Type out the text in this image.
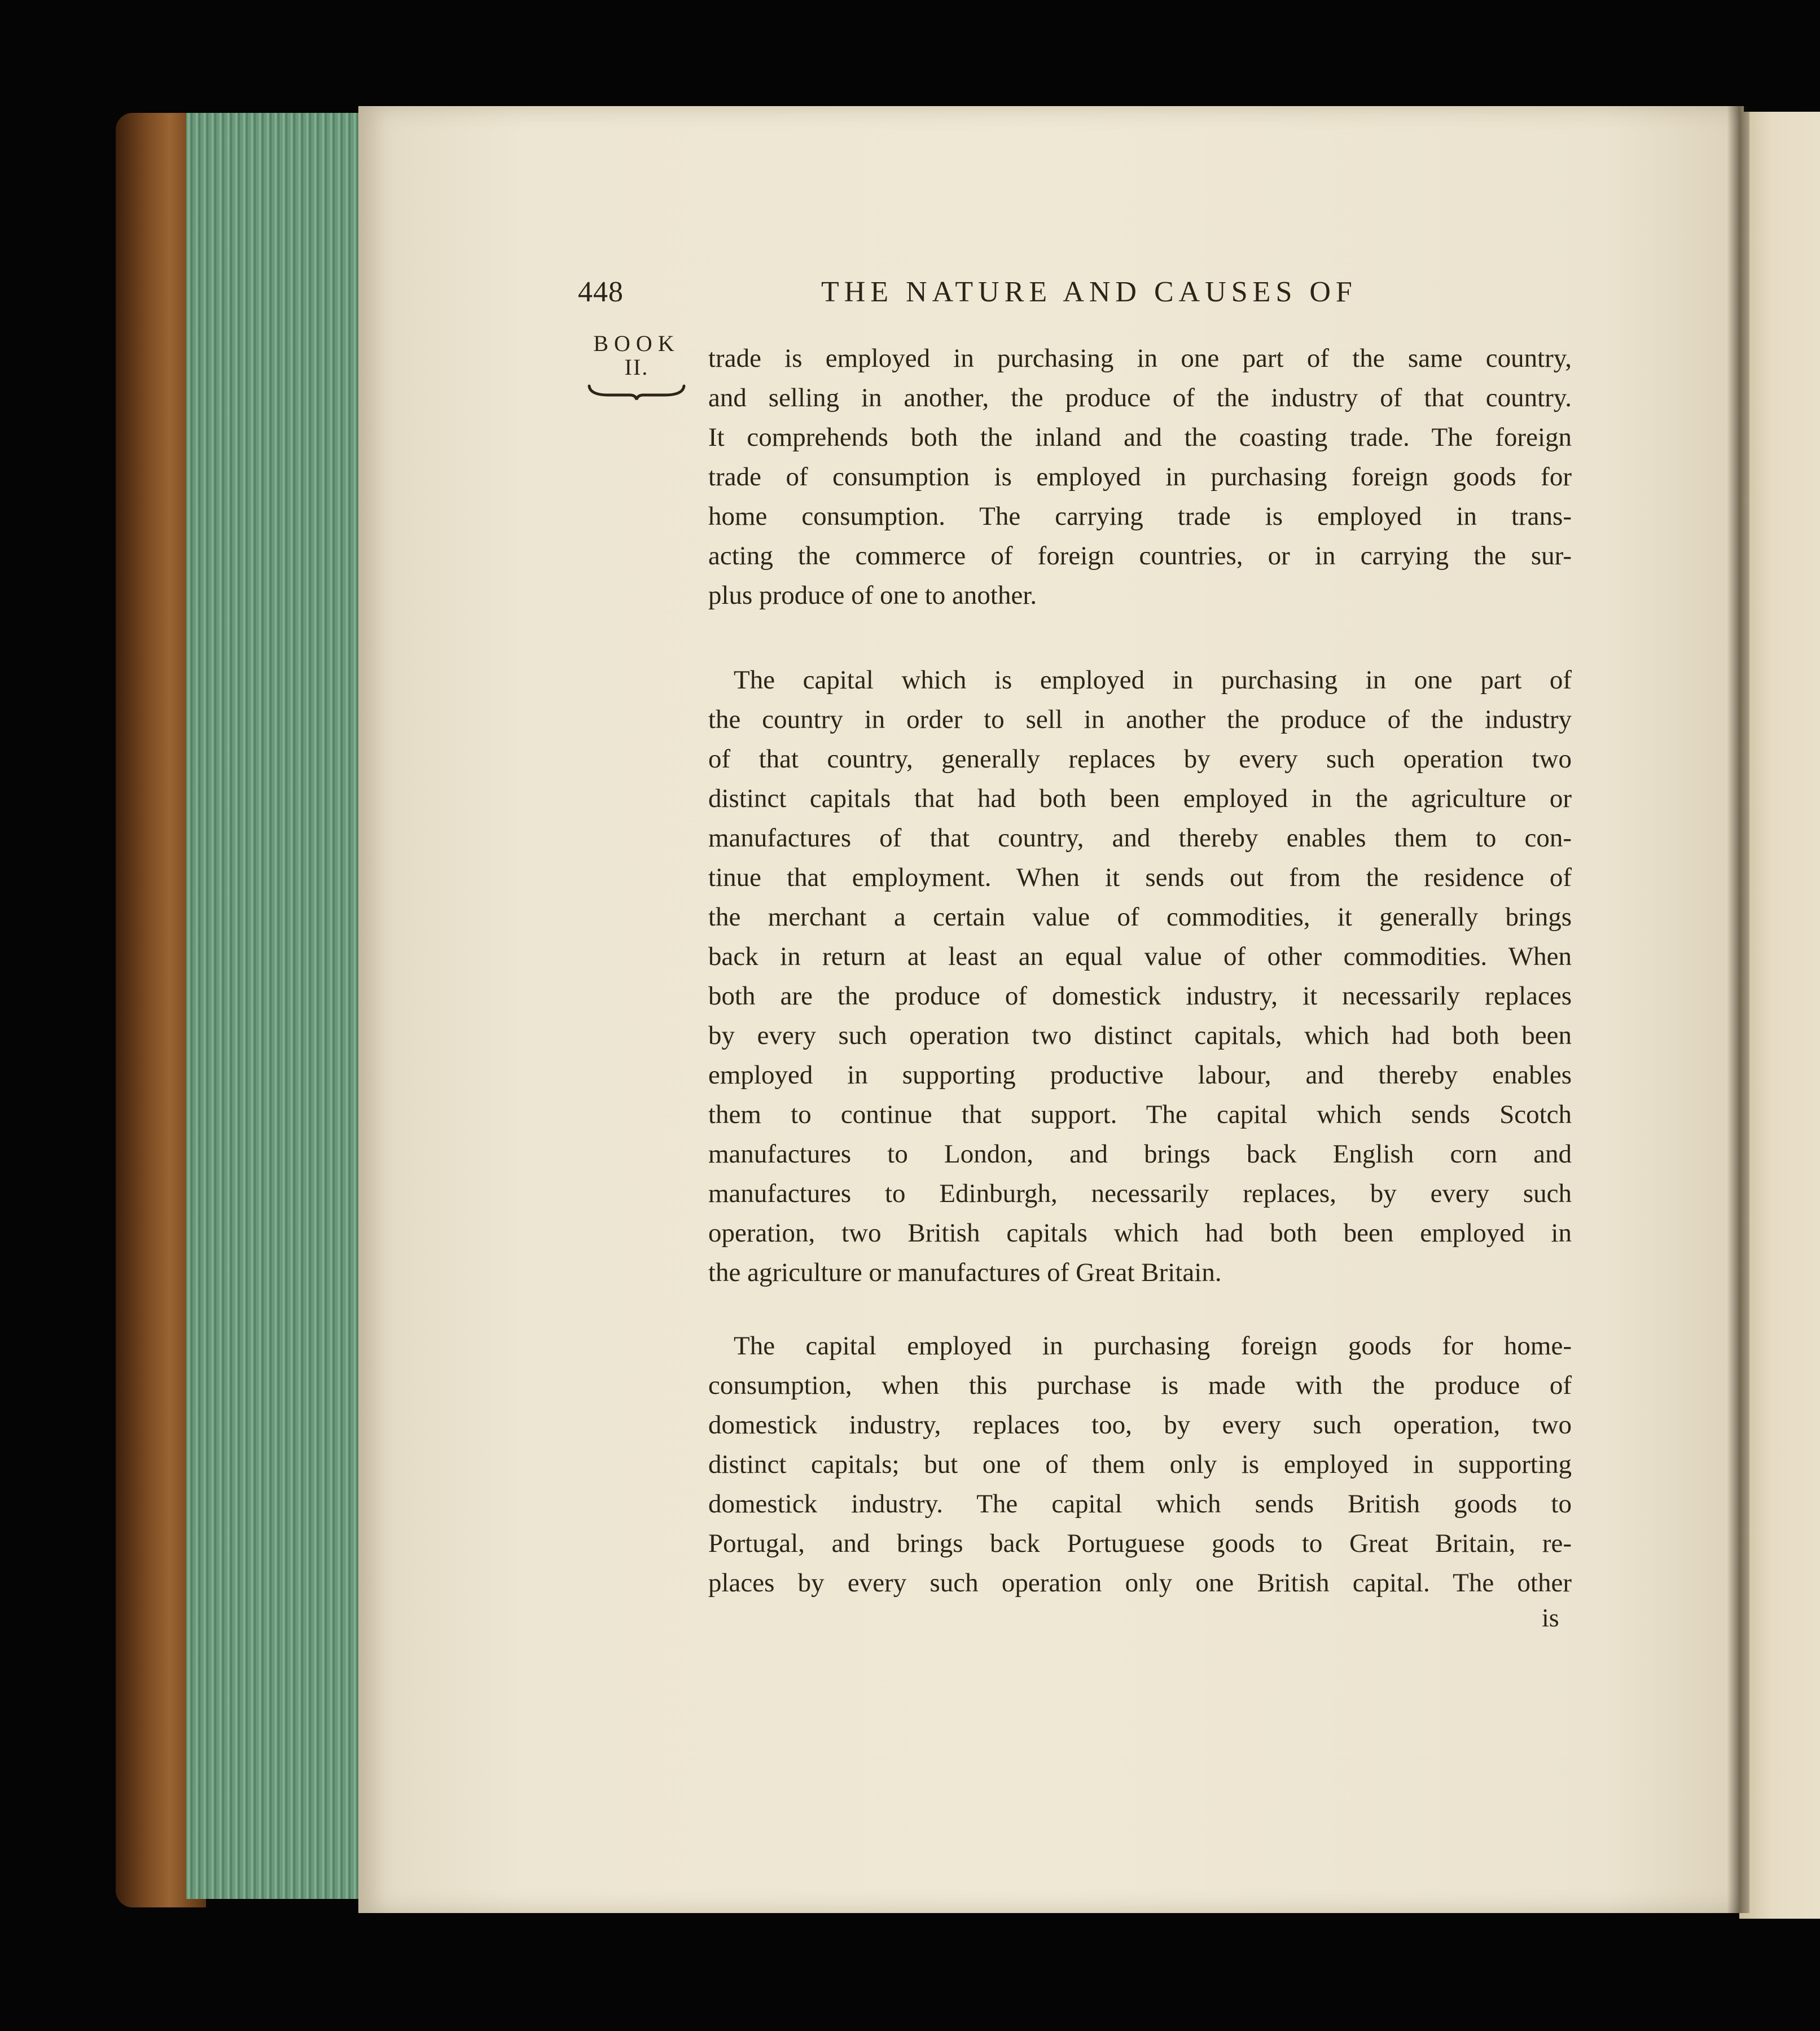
448	THE NATURE AND CAUSES OF
BOOK
II.	trade is employed in purchasing in one part of the same country,
and selling in another, the produce of the industry of that country.
It comprehends both the inland and the coasting trade. The foreign
trade of consumption is employed in purchasing foreign goods for
home consumption. The carrying trade is employed in trans-
acting the commerce of foreign countries, or in carrying the sur-
plus produce of one to another.
The capital which is employed in purchasing in one part of
the country in order to sell in another the produce of the industry
of that country, generally replaces by every such operation two
distinct capitals that had both been employed in the agriculture or
manufactures of that country, and thereby enables them to con-
tinue that employment. When it sends out from the residence of
the merchant a certain value of commodities, it generally brings
back in return at least an equal value of other commodities. When
both are the produce of domestick industry, it necessarily replaces
by every such operation two distinct capitals, which had both been
employed in supporting productive labour, and thereby enables
them to continue that support. The capital which sends Scotch
manufactures to London, and brings back English corn and
manufactures to Edinburgh, necessarily replaces, by every such
operation, two British capitals which had both been employed in
the agriculture or manufactures of Great Britain.
The capital employed in purchasing foreign goods for home-
consumption, when this purchase is made with the produce of
domestick industry, replaces too, by every such operation, two
distinct capitals; but one of them only is employed in supporting
domestick industry. The capital which sends British goods to
Portugal, and brings back Portuguese goods to Great Britain, re-
places by every such operation only one British capital. The other
is
